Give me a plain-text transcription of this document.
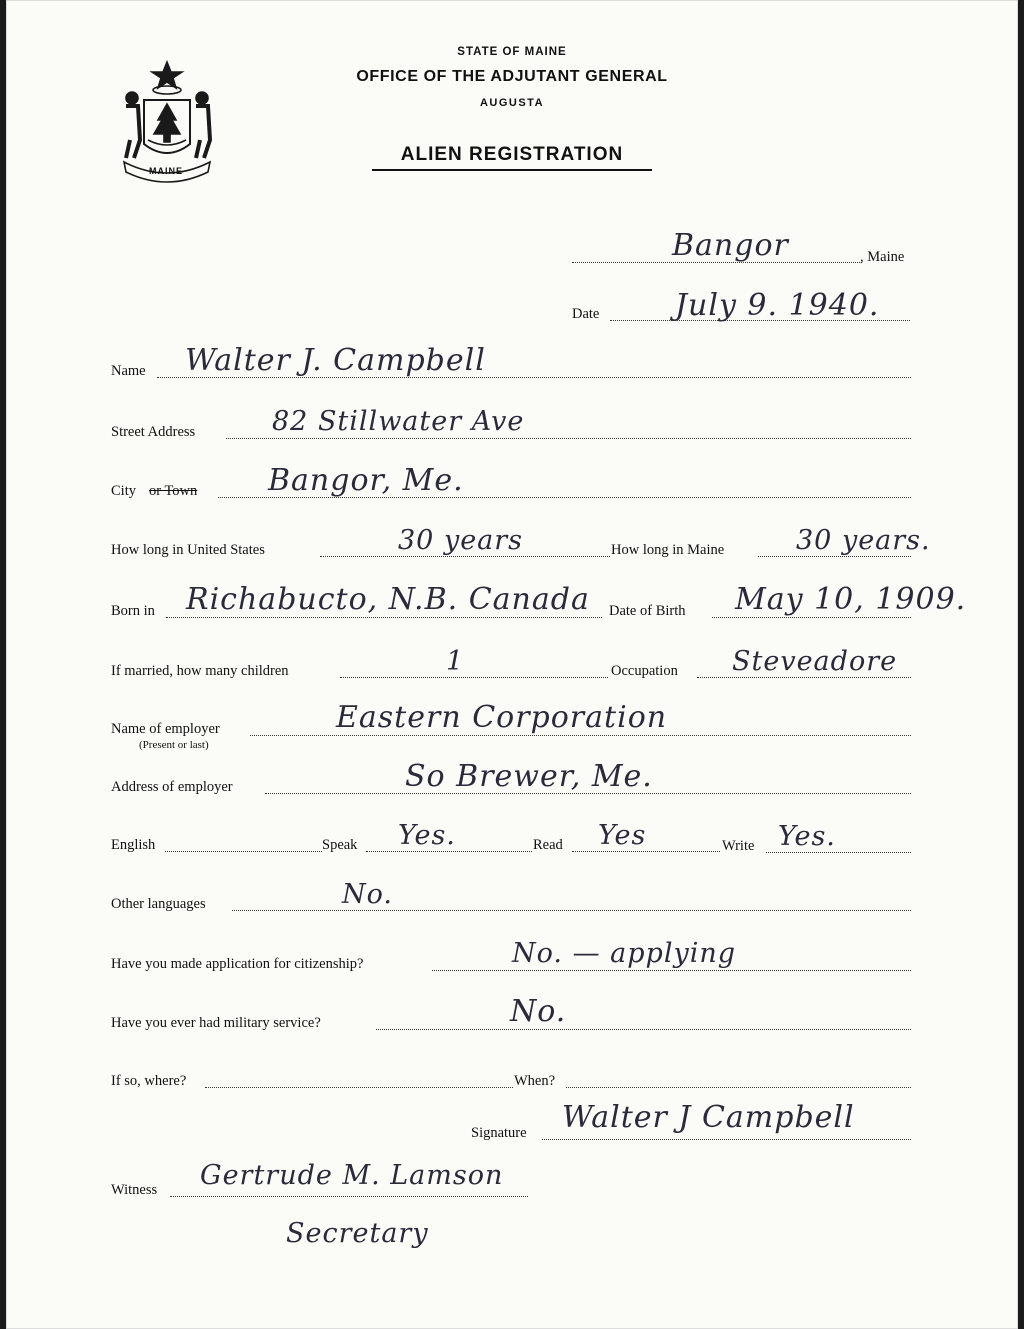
MAINE
STATE OF MAINE
OFFICE OF THE ADJUTANT GENERAL
AUGUSTA
ALIEN REGISTRATION
Bangor	, Maine
Date	July 9. 1940.
Name Walter J. Campbell
Street Address	82 Stillwater Ave
City or Town Bangor, Me.
How long in United States	30 years	How long in Maine	30 years.
Born in Richabucto, N.B. Canada Date of Birth May 10, 1909.
If married, how many children	1	Occupation Steveadore
Name of employer
(Present or last)
Eastern Corporation
Address of employer	So Brewer, Me.
English	Speak Yes.	Read Yes	Write Yes.
Other languages	No.
Have you made application for citizenship?	No. — applying
Have you ever had military service?	No.
If so, where?	When?
Signature Walter J Campbell
Witness Gertrude M. Lamson
Secretary
